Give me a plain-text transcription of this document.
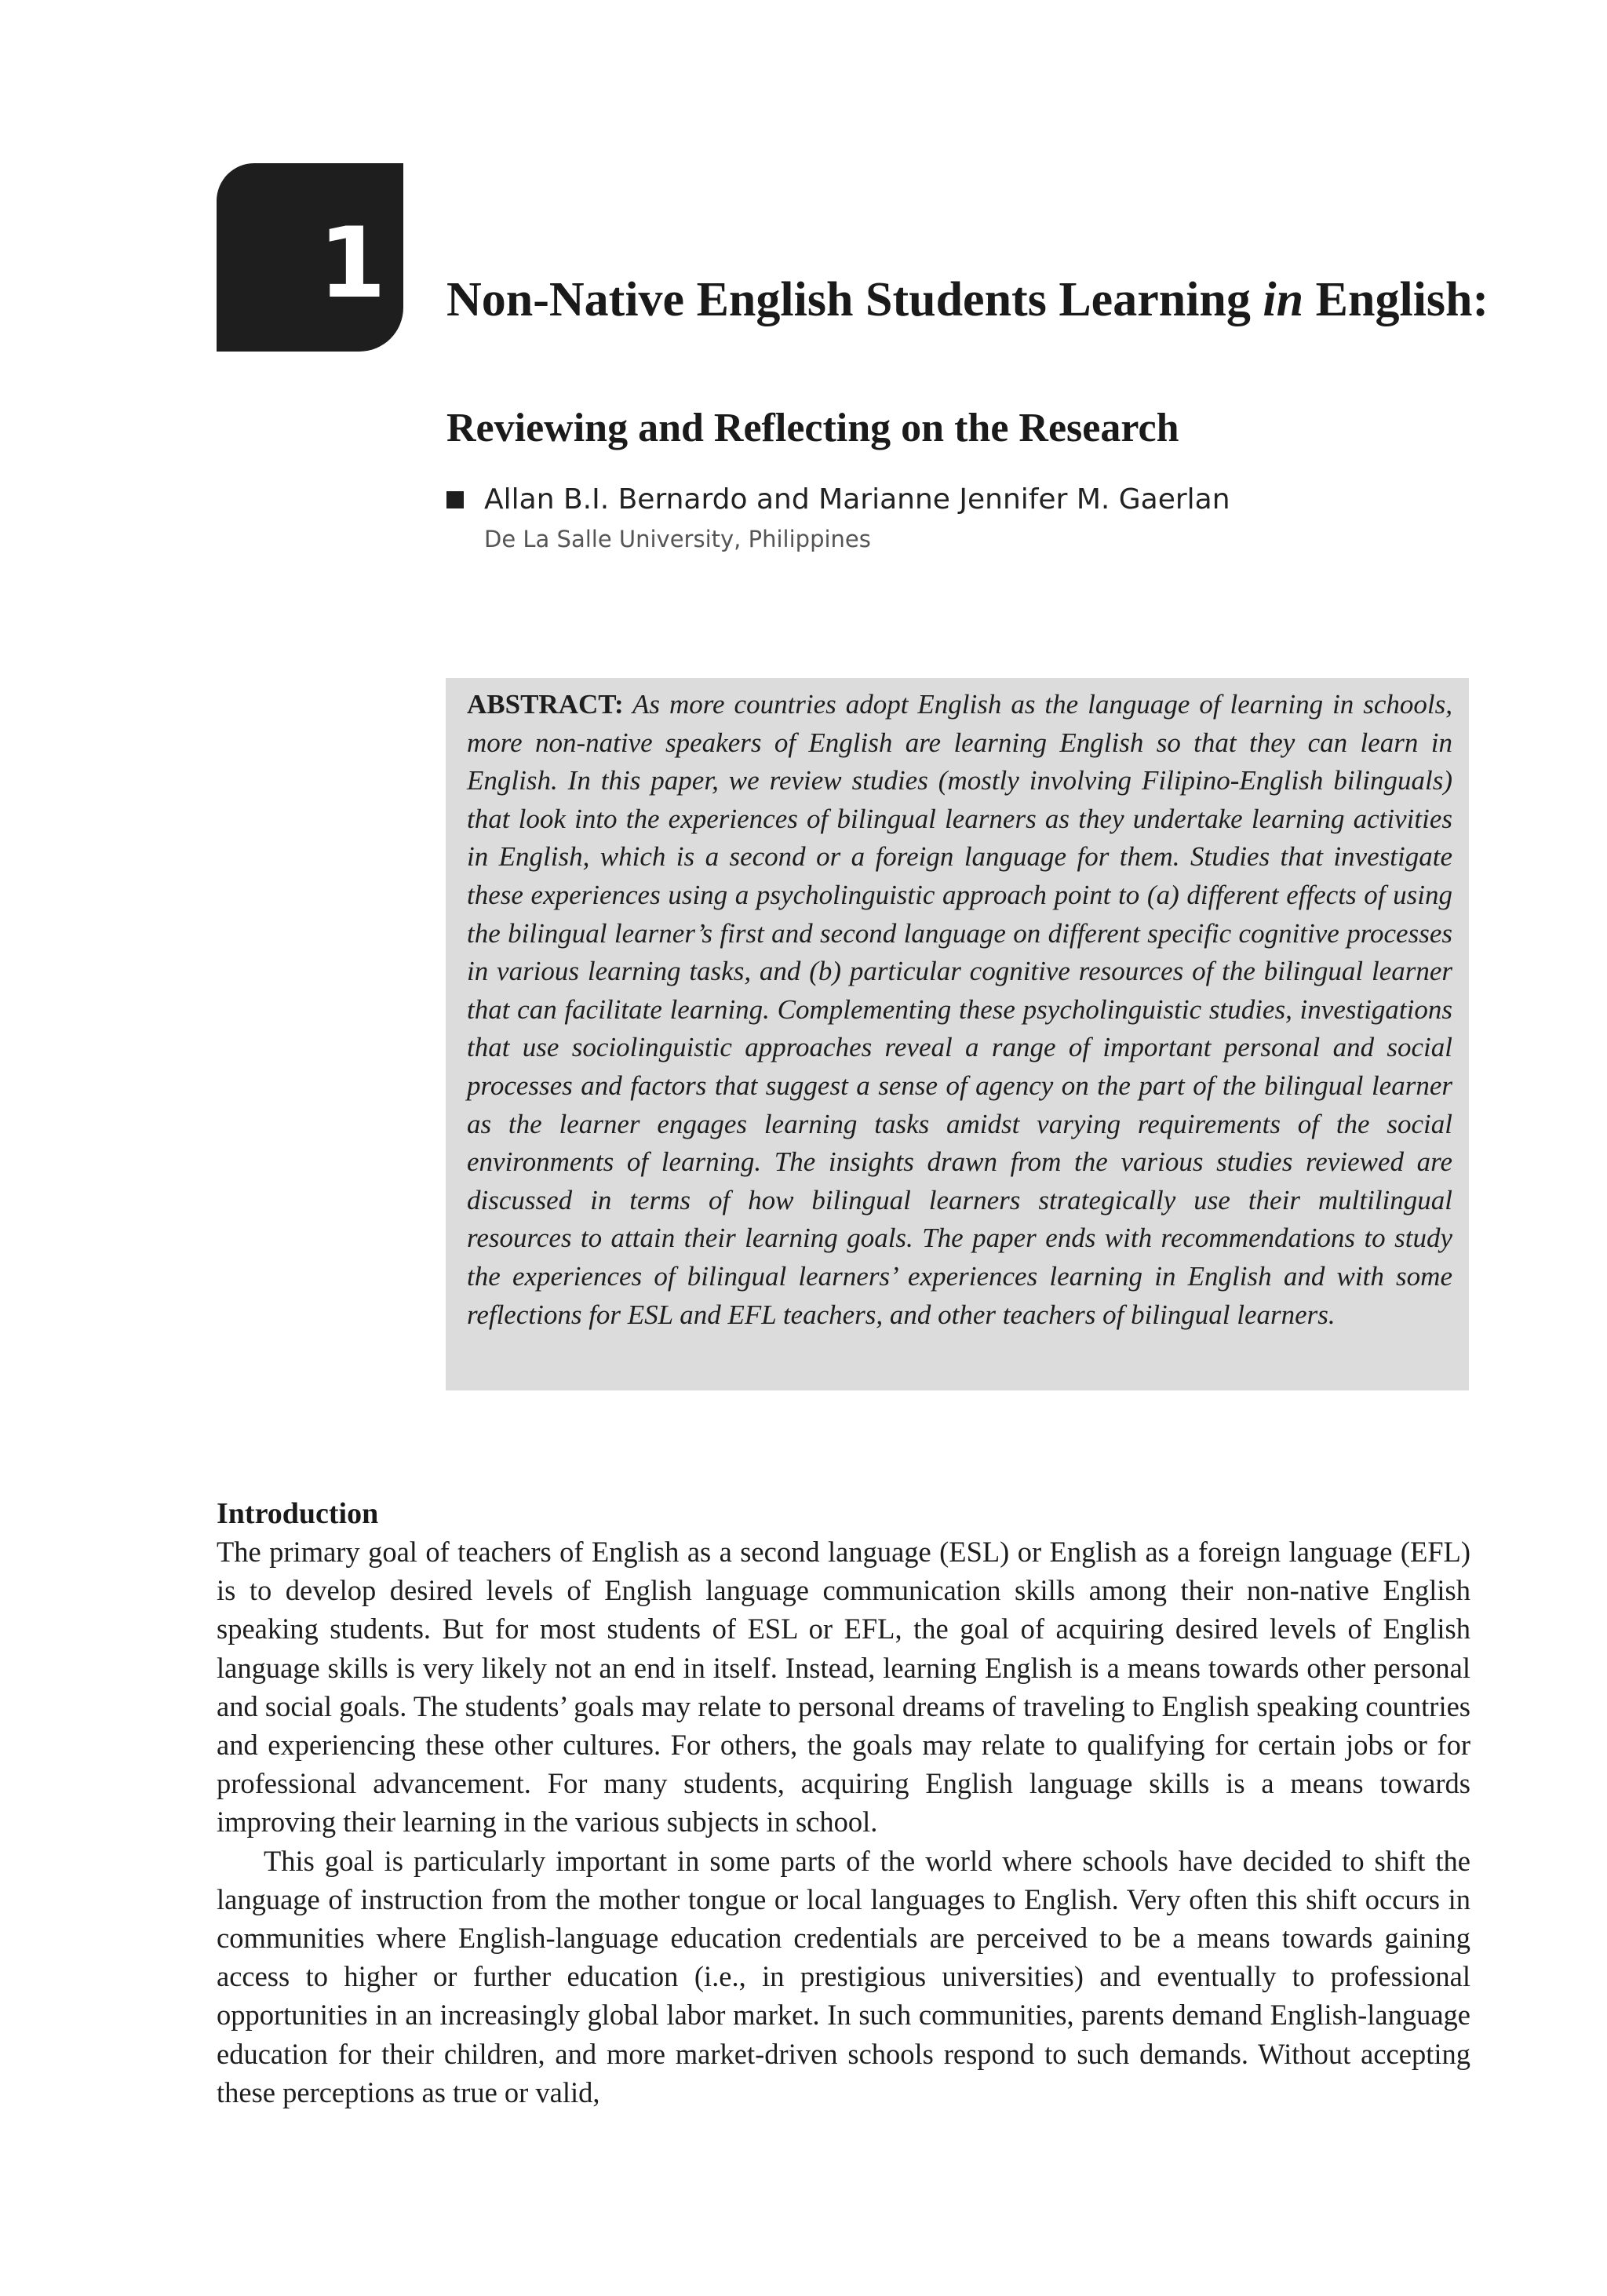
1 Non-Native English Students Learning in English:
Reviewing and Reflecting on the Research
Allan B.I. Bernardo and Marianne Jennifer M. Gaerlan
De La Salle University, Philippines

ABSTRACT: As more countries adopt English as the language of learning in schools, more non-native speakers of English are learning English so that they can learn in English. In this paper, we review studies (mostly involving Filipino-English bilinguals) that look into the experiences of bilingual learners as they undertake learning activities in English, which is a second or a foreign language for them. Studies that investigate these experiences using a psycholinguistic approach point to (a) different effects of using the bilingual learner’s first and second language on different specific cognitive processes in various learning tasks, and (b) particular cognitive resources of the bilingual learner that can facilitate learning. Complementing these psycholinguistic studies, investigations that use sociolinguistic approaches reveal a range of important personal and social processes and factors that suggest a sense of agency on the part of the bilingual learner as the learner engages learning tasks amidst varying requirements of the social environments of learning. The insights drawn from the various studies reviewed are discussed in terms of how bilingual learners strategically use their multilingual resources to attain their learning goals. The paper ends with recommendations to study the experiences of bilingual learners’ experiences learning in English and with some reflections for ESL and EFL teachers, and other teachers of bilingual learners.

Introduction

The primary goal of teachers of English as a second language (ESL) or English as a foreign language (EFL) is to develop desired levels of English language communication skills among their non-native English speaking students. But for most students of ESL or EFL, the goal of acquiring desired levels of English language skills is very likely not an end in itself. Instead, learning English is a means towards other personal and social goals. The students’ goals may relate to personal dreams of traveling to English speaking countries and experiencing these other cultures. For others, the goals may relate to qualifying for certain jobs or for professional advancement. For many students, acquiring English language skills is a means towards improving their learning in the various subjects in school.

This goal is particularly important in some parts of the world where schools have decided to shift the language of instruction from the mother tongue or local languages to English. Very often this shift occurs in communities where English-language education credentials are perceived to be a means towards gaining access to higher or further education (i.e., in prestigious universities) and eventually to professional opportunities in an increasingly global labor market. In such communities, parents demand English-language education for their children, and more market-driven schools respond to such demands. Without accepting these perceptions as true or valid,
